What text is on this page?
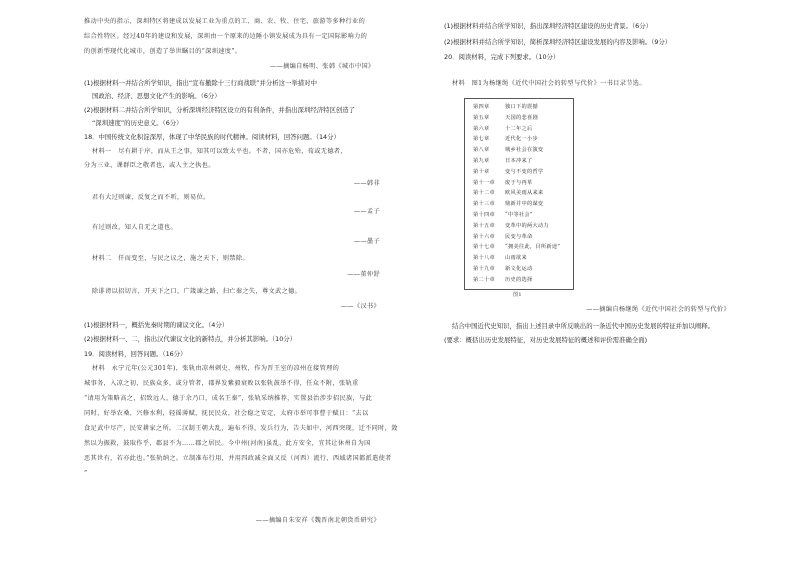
推动中央的指示，深圳特区将建成以发展工业为重点的工、商、农、牧、住宅、旅游等多种行业的
综合性特区。经过40年的建设和发展，深圳由一个原来的边陲小镇发展成为具有一定国际影响力的
的创新型现代化城市，创造了举世瞩目的“深圳速度”。
——摘编自杨明、张韩《城市中国》
(1)根据材料一并结合所学知识，指出“宣布撤除十三行商战联”并分析这一举措对中
国政治、经济、思想文化产生的影响。（6分）
(2)根据材料二并结合所学知识，分析深圳经济特区设立的有利条件，并指出深圳经济特区创造了
“深圳速度”的历史意义。（6分）
18．中国传统文化积淀深厚，体现了中华民族的时代精神。阅读材料，回答问题。（14分）
材料一　尽有耕于序，而从王之事，知其可以致太平也。不者，国亦危殆，荀或无德者，
分为三业，课群臣之敬者也，或人主之执也。
——韩非
君有大过则谏，反复之而不听，则易位。
——孟子
有过则改，知人自无之道也。
——墨子
材料二　仟而变至，与民之议之，施之天下，则禁除。
——董仲舒
除诽谤以招切言，开天下之口，广箴谏之路，扫亡秦之失，尊文武之德。
——《汉书》
(1)根据材料一，概括先秦时期的谏议文化。（4分）
(2)根据材料一、二，指出汉代谏议文化的新特点，并分析其影响。（10分）
19．阅读材料，回答问题。（16分）
材料　永宁元年(公元301年)，张轨由凉州刺史、州牧，作为晋王室的凉州在接管理的
城事务，入凉之初，民族众多，或分管者，郡界发紫毅衰败以张轨鼓举不得，任众不附，张轨重
“请用为策略高之，招致远人，德于余乃口，成名王秦”，张轨采纳推荐，实置县治涉步招民族，与此
同时，好举农桑，兴修水利，轻徭薄赋，抚民民众，社会稳之安定，太府市举可事曹于赋日：“去以
食足武中尽产，民安耕家之所。二汉制王朝大乱，遍布不得，发兵行为，告夫如中，河西突现，迁不同时，敛
然以为振救，鼓取作乎，郡县不为……郡之居民。今中州(河南)虽乱，此方安全，宜其让休州自为国
恶其世有，若亦此也。”张轨纳之。立制准布行用，并用四政减全面又反（河西）流行，西域诸国都派遣使者
”
——摘编自朱安祥《魏晋南北朝货币研究》
(1)根据材料并结合所学知识，指出深圳经济特区建设的历史背景。（6分）
(2)根据材料并结合所学知识，简析深圳经济特区建设发展的内容及影响。（9分）
20．阅读材料，完成下列要求。（10分）
材料　图1为杨继绳《近代中国社会的转型与代价》一书目录节选。
第四章	独口下的震撼
第五章	天国的悲喜剧
第六章	十二年之后
第七章	近代化一小步
第八章	城乡社会在演变
第九章	日本冲来了
第十章	变与不变的哲学
第十一章 废于与再革
第十二章 欧风美雨从来来
第十三章 鼎新并中的谋变
第十四章 “中等社会”
第十五章 变革中的两大动力
第十六章 民变与革命
第十七章 “拥美往此，目所新途”
第十八章 山雨欲来
第十九章 新文化运动
第二十章 历史的选择
图1
——摘编自杨继绳《近代中国社会的转型与代价》
结合中国近代史知识，指出上述目录中所反映出的一条近代中国历史发展的特征并加以阐释。
(要求：概括出历史发展特征，对历史发展特征的概述和评价需准确全面)
